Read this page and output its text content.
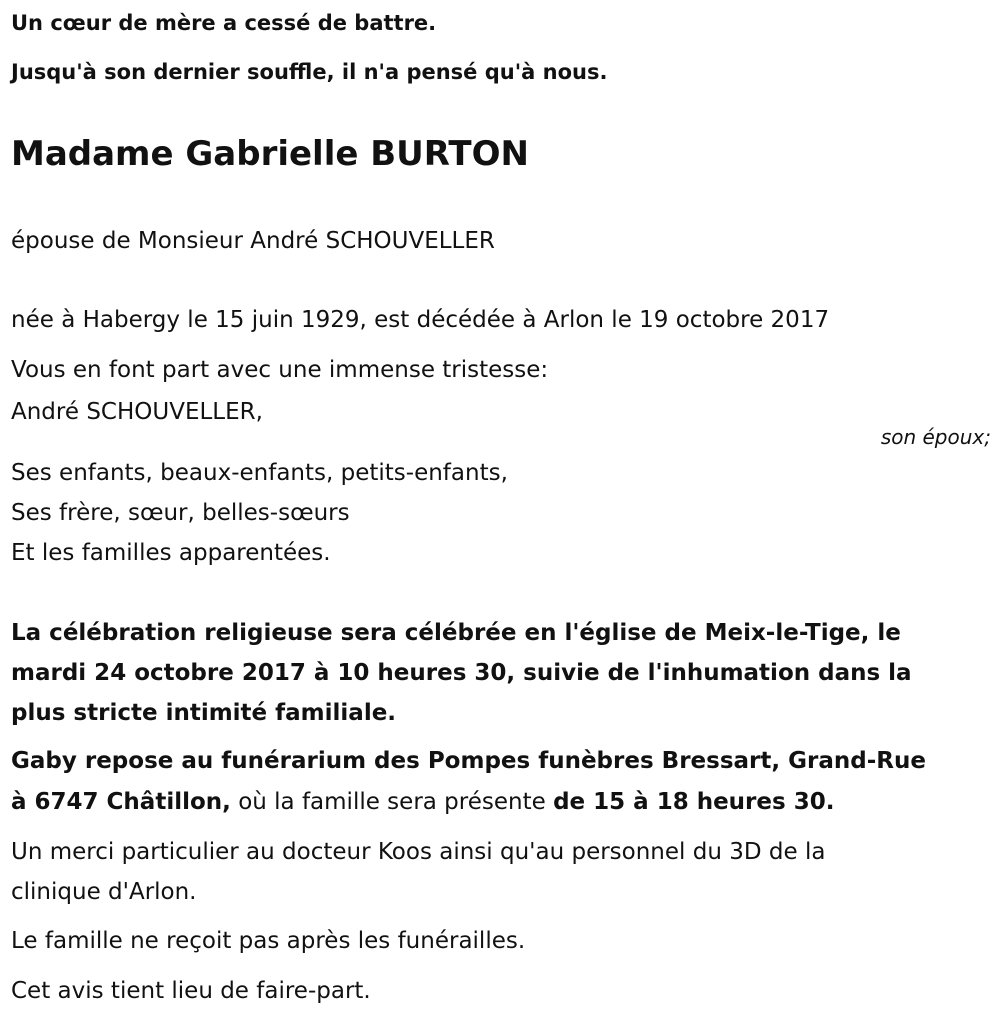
Un cœur de mère a cessé de battre.
Jusqu'à son dernier souffle, il n'a pensé qu'à nous.
Madame Gabrielle BURTON
épouse de Monsieur André SCHOUVELLER
née à Habergy le 15 juin 1929, est décédée à Arlon le 19 octobre 2017
Vous en font part avec une immense tristesse:
André SCHOUVELLER,
son époux;
Ses enfants, beaux-enfants, petits-enfants,
Ses frère, sœur, belles-sœurs
Et les familles apparentées.
La célébration religieuse sera célébrée en l'église de Meix-le-Tige, le
mardi 24 octobre 2017 à 10 heures 30, suivie de l'inhumation dans la
plus stricte intimité familiale.
Gaby repose au funérarium des Pompes funèbres Bressart, Grand-Rue
à 6747 Châtillon, où la famille sera présente de 15 à 18 heures 30.
Un merci particulier au docteur Koos ainsi qu'au personnel du 3D de la
clinique d'Arlon.
Le famille ne reçoit pas après les funérailles.
Cet avis tient lieu de faire-part.
